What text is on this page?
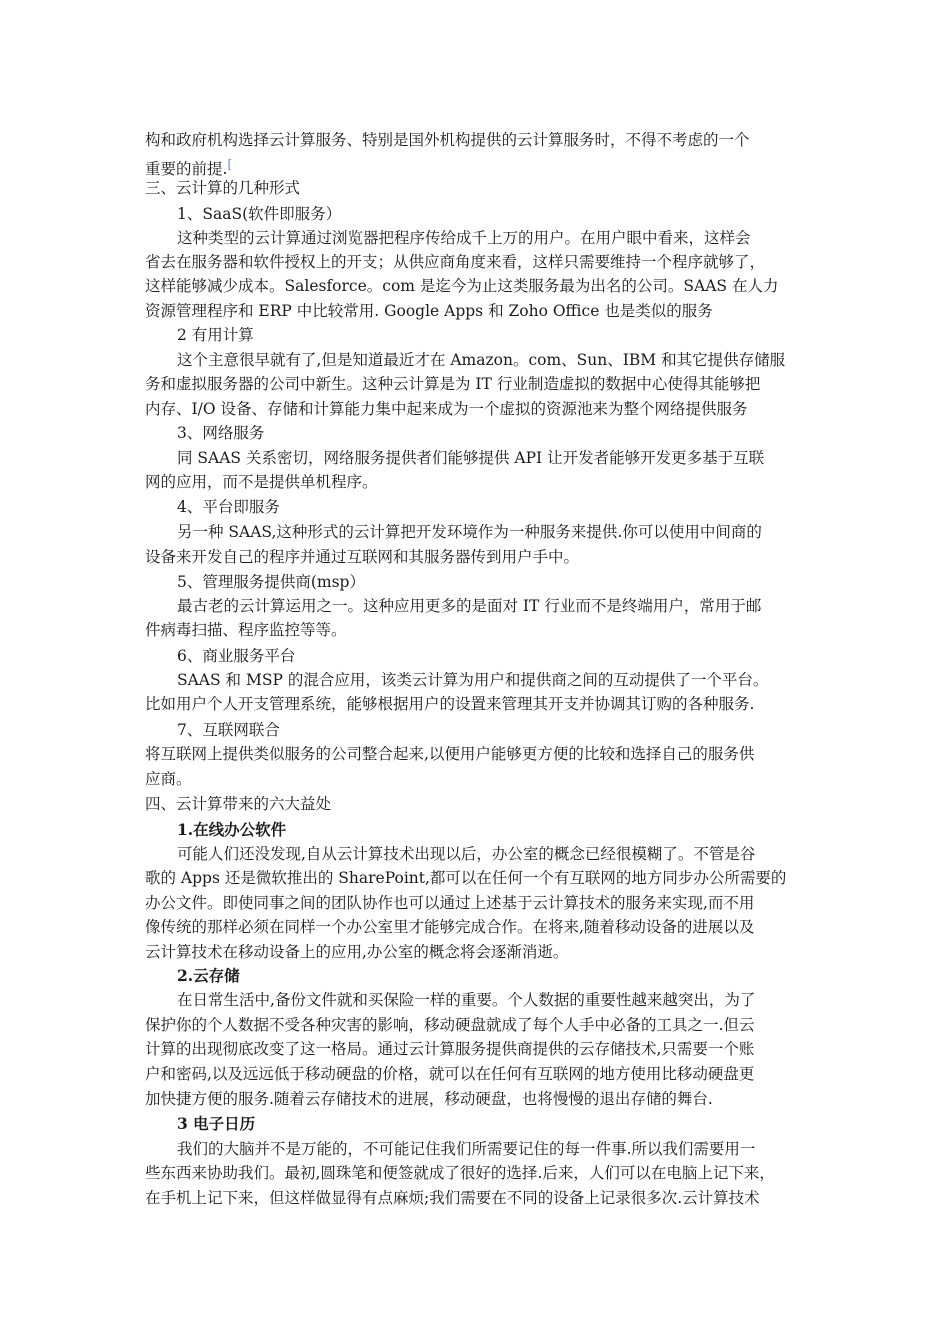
构和政府机构选择云计算服务、特别是国外机构提供的云计算服务时，不得不考虑的一个
重要的前提.[
三、云计算的几种形式
1、SaaS(软件即服务）
这种类型的云计算通过浏览器把程序传给成千上万的用户。在用户眼中看来，这样会
省去在服务器和软件授权上的开支；从供应商角度来看，这样只需要维持一个程序就够了，
这样能够减少成本。Salesforce。com 是迄今为止这类服务最为出名的公司。SAAS 在人力
资源管理程序和 ERP 中比较常用. Google Apps 和 Zoho Office 也是类似的服务
2 有用计算
这个主意很早就有了,但是知道最近才在 Amazon。com、Sun、IBM 和其它提供存储服
务和虚拟服务器的公司中新生。这种云计算是为 IT 行业制造虚拟的数据中心使得其能够把
内存、I/O 设备、存储和计算能力集中起来成为一个虚拟的资源池来为整个网络提供服务
3、网络服务
同 SAAS 关系密切，网络服务提供者们能够提供 API 让开发者能够开发更多基于互联
网的应用，而不是提供单机程序。
4、平台即服务
另一种 SAAS,这种形式的云计算把开发环境作为一种服务来提供.你可以使用中间商的
设备来开发自己的程序并通过互联网和其服务器传到用户手中。
5、管理服务提供商(msp）
最古老的云计算运用之一。这种应用更多的是面对 IT 行业而不是终端用户，常用于邮
件病毒扫描、程序监控等等。
6、商业服务平台
SAAS 和 MSP 的混合应用，该类云计算为用户和提供商之间的互动提供了一个平台。
比如用户个人开支管理系统，能够根据用户的设置来管理其开支并协调其订购的各种服务.
7、互联网联合
将互联网上提供类似服务的公司整合起来,以便用户能够更方便的比较和选择自己的服务供
应商。
四、云计算带来的六大益处
1.在线办公软件
可能人们还没发现,自从云计算技术出现以后，办公室的概念已经很模糊了。不管是谷
歌的 Apps 还是微软推出的 SharePoint,都可以在任何一个有互联网的地方同步办公所需要的
办公文件。即使同事之间的团队协作也可以通过上述基于云计算技术的服务来实现,而不用
像传统的那样必须在同样一个办公室里才能够完成合作。在将来,随着移动设备的进展以及
云计算技术在移动设备上的应用,办公室的概念将会逐渐消逝。
2.云存储
在日常生活中,备份文件就和买保险一样的重要。个人数据的重要性越来越突出，为了
保护你的个人数据不受各种灾害的影响，移动硬盘就成了每个人手中必备的工具之一.但云
计算的出现彻底改变了这一格局。通过云计算服务提供商提供的云存储技术,只需要一个账
户和密码,以及远远低于移动硬盘的价格，就可以在任何有互联网的地方使用比移动硬盘更
加快捷方便的服务.随着云存储技术的进展，移动硬盘，也将慢慢的退出存储的舞台.
3 电子日历
我们的大脑并不是万能的，不可能记住我们所需要记住的每一件事.所以我们需要用一
些东西来协助我们。最初,圆珠笔和便签就成了很好的选择.后来，人们可以在电脑上记下来，
在手机上记下来，但这样做显得有点麻烦;我们需要在不同的设备上记录很多次.云计算技术
